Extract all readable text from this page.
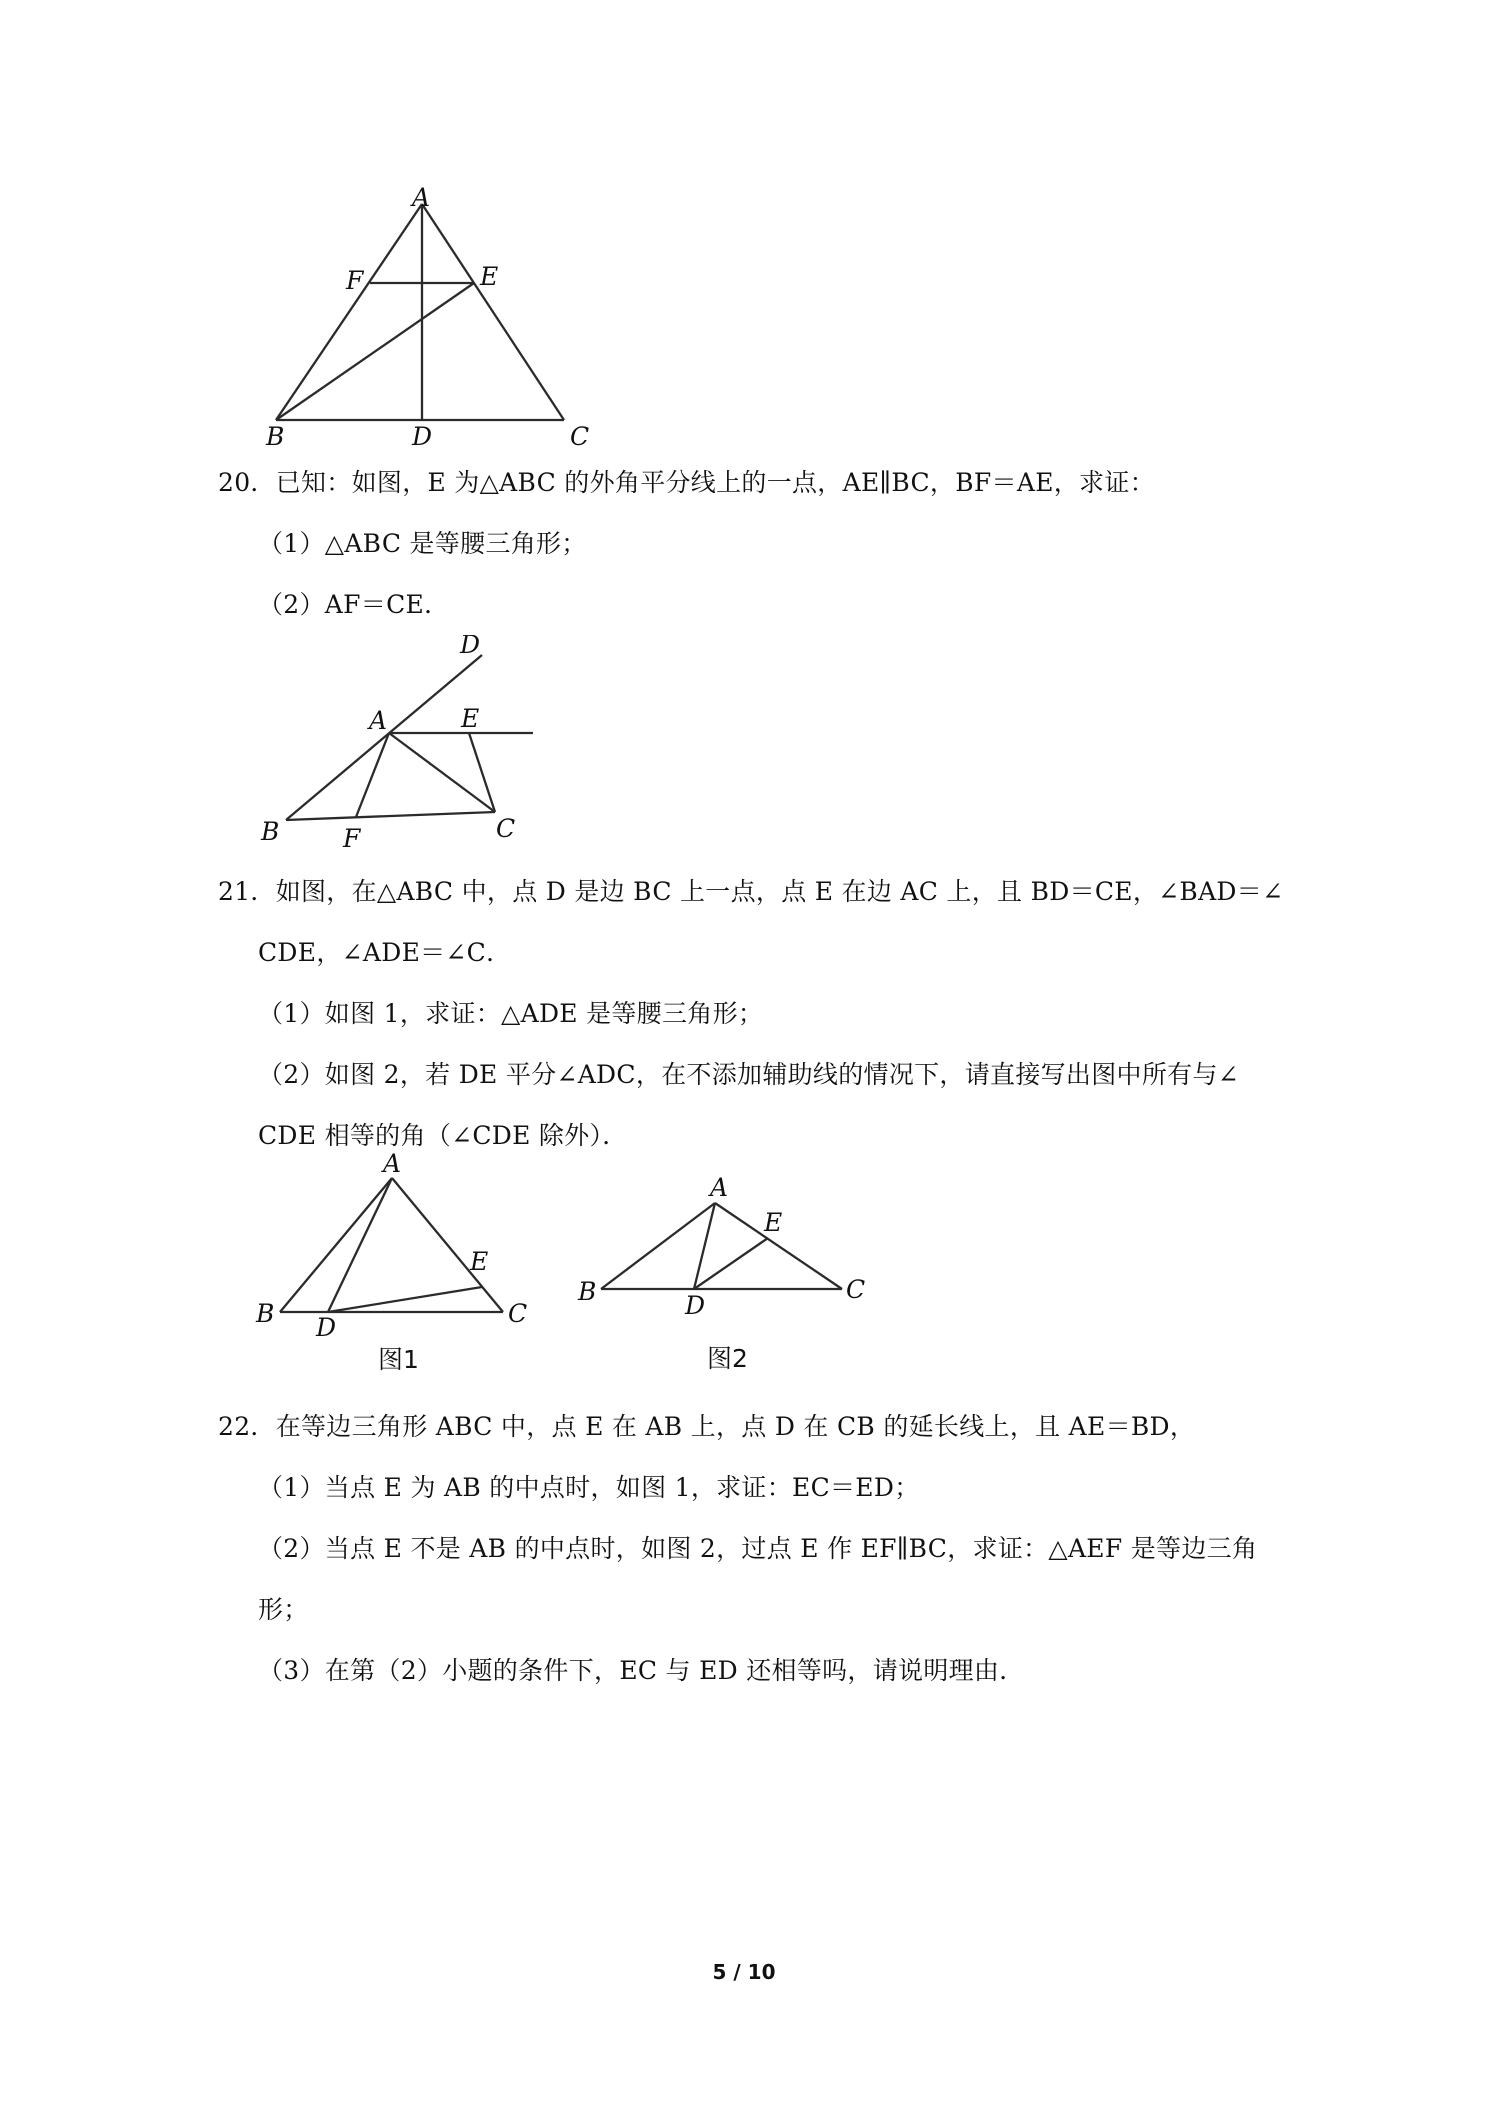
A
F	E
B	D	C
20．已知：如图，E 为△ABC 的外角平分线上的一点，AE∥BC，BF＝AE，求证：
（1）△ABC 是等腰三角形；
（2）AF＝CE．
D
A	E
B	F	C
21．如图，在△ABC 中，点 D 是边 BC 上一点，点 E 在边 AC 上，且 BD＝CE，∠BAD＝∠
CDE，∠ADE＝∠C．
（1）如图 1，求证：△ADE 是等腰三角形；
（2）如图 2，若 DE 平分∠ADC，在不添加辅助线的情况下，请直接写出图中所有与∠
CDE 相等的角（∠CDE 除外）．
A
E
B D	C
图1
A
E
B	D
C
图2
22．在等边三角形 ABC 中，点 E 在 AB 上，点 D 在 CB 的延长线上，且 AE＝BD，
（1）当点 E 为 AB 的中点时，如图 1，求证：EC＝ED；
（2）当点 E 不是 AB 的中点时，如图 2，过点 E 作 EF∥BC，求证：△AEF 是等边三角
形；
（3）在第（2）小题的条件下，EC 与 ED 还相等吗，请说明理由．
5 / 10
